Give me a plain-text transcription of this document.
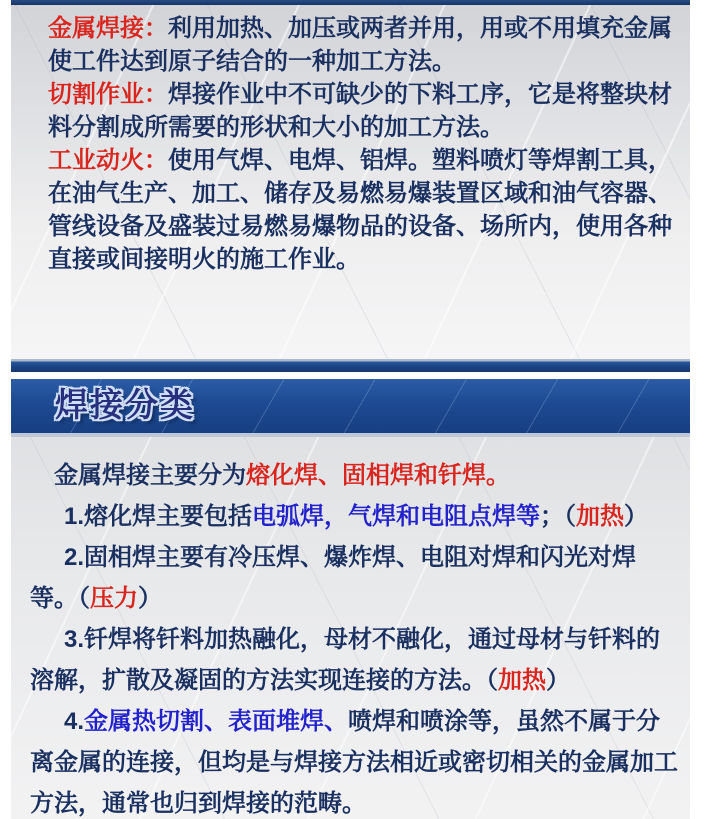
金属焊接：利用加热、加压或两者并用，用或不用填充金属使工件达到原子结合的一种加工方法。

切割作业：焊接作业中不可缺少的下料工序，它是将整块材料分割成所需要的形状和大小的加工方法。

工业动火：使用气焊、电焊、铝焊。塑料喷灯等焊割工具，在油气生产、加工、储存及易燃易爆装置区域和油气容器、管线设备及盛装过易燃易爆物品的设备、场所内，使用各种直接或间接明火的施工作业。

焊接分类

金属焊接主要分为熔化焊、固相焊和钎焊。

1.熔化焊主要包括电弧焊，气焊和电阻点焊等；（加热）

2.固相焊主要有冷压焊、爆炸焊、电阻对焊和闪光对焊等。（压力）

3.钎焊将钎料加热融化，母材不融化，通过母材与钎料的溶解，扩散及凝固的方法实现连接的方法。（加热）

4.金属热切割、表面堆焊、喷焊和喷涂等，虽然不属于分离金属的连接，但均是与焊接方法相近或密切相关的金属加工方法，通常也归到焊接的范畴。
